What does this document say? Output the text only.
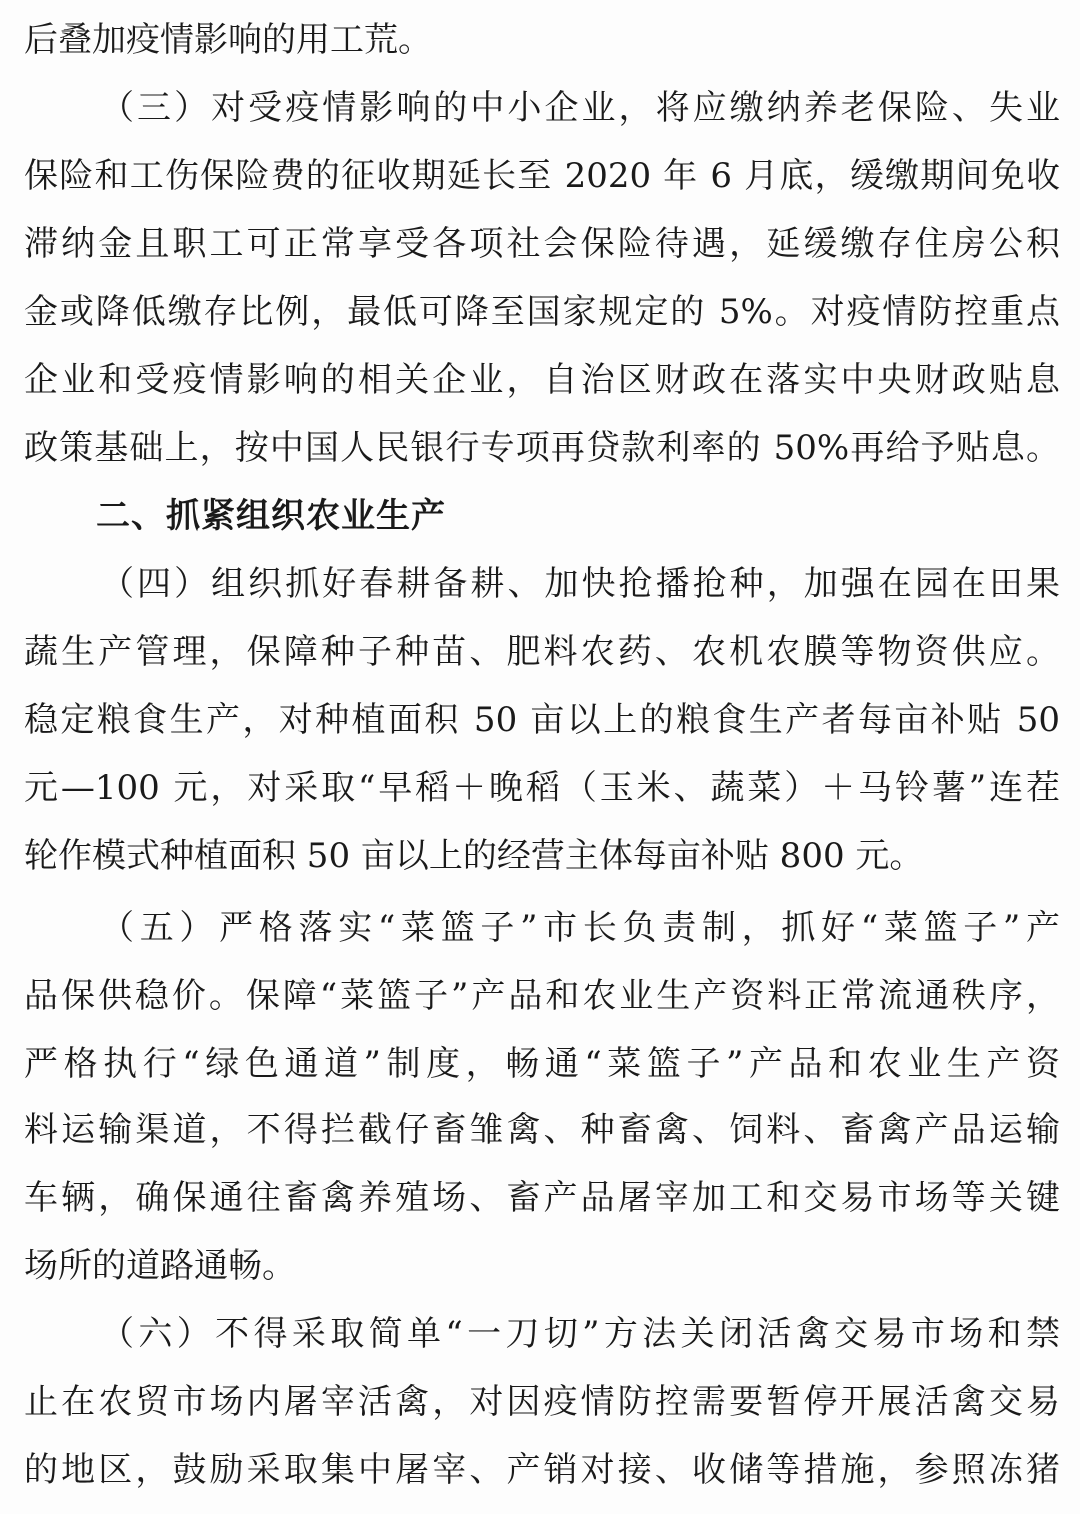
后叠加疫情影响的用工荒。
（三）对受疫情影响的中小企业，将应缴纳养老保险、失业
保险和工伤保险费的征收期延长至 2020 年 6 月底，缓缴期间免收
滞纳金且职工可正常享受各项社会保险待遇，延缓缴存住房公积
金或降低缴存比例，最低可降至国家规定的 5%。对疫情防控重点
企业和受疫情影响的相关企业，自治区财政在落实中央财政贴息
政策基础上，按中国人民银行专项再贷款利率的 50%再给予贴息。
二、抓紧组织农业生产
（四）组织抓好春耕备耕、加快抢播抢种，加强在园在田果
蔬生产管理，保障种子种苗、肥料农药、农机农膜等物资供应。
稳定粮食生产，对种植面积 50 亩以上的粮食生产者每亩补贴 50
元—100 元，对采取“早稻＋晚稻（玉米、蔬菜）＋马铃薯”连茬
轮作模式种植面积 50 亩以上的经营主体每亩补贴 800 元。
（五）严格落实“菜篮子”市长负责制，抓好“菜篮子”产
品保供稳价。保障“菜篮子”产品和农业生产资料正常流通秩序，
严格执行“绿色通道”制度，畅通“菜篮子”产品和农业生产资
料运输渠道，不得拦截仔畜雏禽、种畜禽、饲料、畜禽产品运输
车辆，确保通往畜禽养殖场、畜产品屠宰加工和交易市场等关键
场所的道路通畅。
（六）不得采取简单“一刀切”方法关闭活禽交易市场和禁
止在农贸市场内屠宰活禽，对因疫情防控需要暂停开展活禽交易
的地区，鼓励采取集中屠宰、产销对接、收储等措施，参照冻猪
